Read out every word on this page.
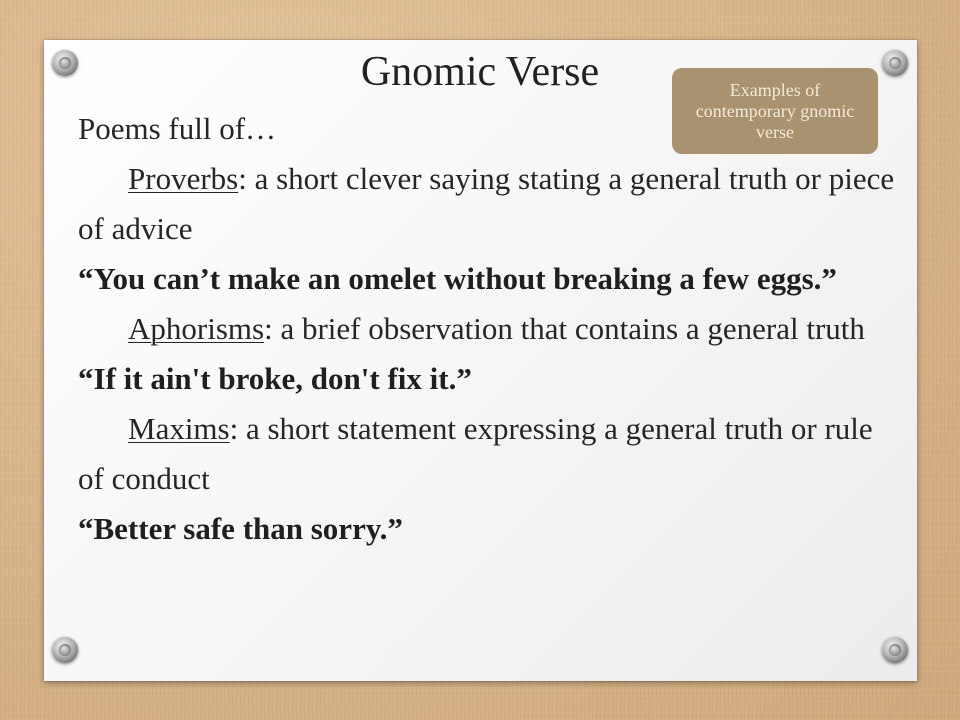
Gnomic Verse	Examples of contemporary gnomic verse

Poems full of…

Proverbs: a short clever saying stating a general truth or piece of advice

“You can’t make an omelet without breaking a few eggs.”

Aphorisms: a brief observation that contains a general truth

“If it ain't broke, don't fix it.”

Maxims: a short statement expressing a general truth or rule of conduct

“Better safe than sorry.”
